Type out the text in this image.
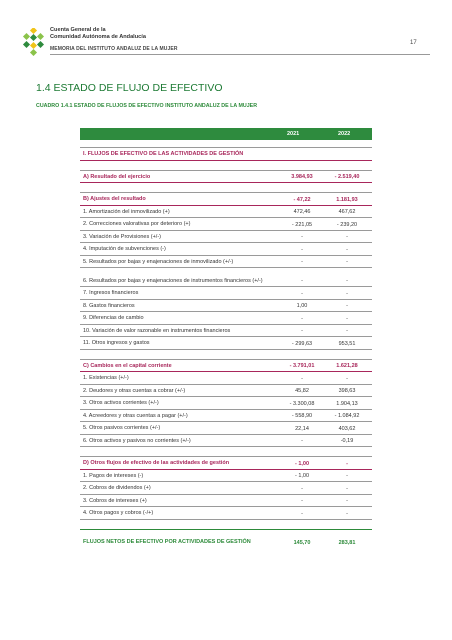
Cuenta General de la
Comunidad Autónoma de Andalucía
MEMORIA DEL INSTITUTO ANDALUZ DE LA MUJER
17
1.4 ESTADO DE FLUJO DE EFECTIVO
CUADRO 1.4.1 ESTADO DE FLUJOS DE EFECTIVO INSTITUTO ANDALUZ DE LA MUJER
2021	2022
I. FLUJOS DE EFECTIVO DE LAS ACTIVIDADES DE GESTIÓN
A) Resultado del ejercicio	3.984,93	- 2.519,40
B) Ajustes del resultado	- 47,22	1.181,93
1. Amortización del inmovilizado (+)	472,46	467,62
2. Correcciones valorativas por deterioro (+)	- 221,05	- 239,20
3. Variación de Provisiones (+/-)	-	-
4. Imputación de subvenciones (-)	-	-
5. Resultados por bajas y enajenaciones de inmovilizado (+/-)	-	-
6. Resultados por bajas y enajenaciones de instrumentos financieros (+/-)	-	-
7. Ingresos financieros	-	-
8. Gastos financieros	1,00	-
9. Diferencias de cambio	-	-
10. Variación de valor razonable en instrumentos financieros	-	-
11. Otros ingresos y gastos	- 299,63	953,51
C) Cambios en el capital corriente	- 3.791,01	1.621,28
1. Existencias (+/-)	-	-
2. Deudores y otras cuentas a cobrar (+/-)	45,82	398,63
3. Otros activos corrientes (+/-)	- 3.300,08	1.904,13
4. Acreedores y otras cuentas a pagar (+/-)	- 558,90	- 1.084,92
5. Otros pasivos corrientes (+/-)	22,14	403,62
6. Otros activos y pasivos no corrientes (+/-)	-	-0,19
D) Otros flujos de efectivo de las actividades de gestión	- 1,00	-
1. Pagos de intereses (-)	- 1,00	-
2. Cobros de dividendos (+)	-	-
3. Cobros de intereses (+)	-	-
4. Otros pagos y cobros (-/+)	-	-
FLUJOS NETOS DE EFECTIVO POR ACTIVIDADES DE GESTIÓN	145,70	283,81
